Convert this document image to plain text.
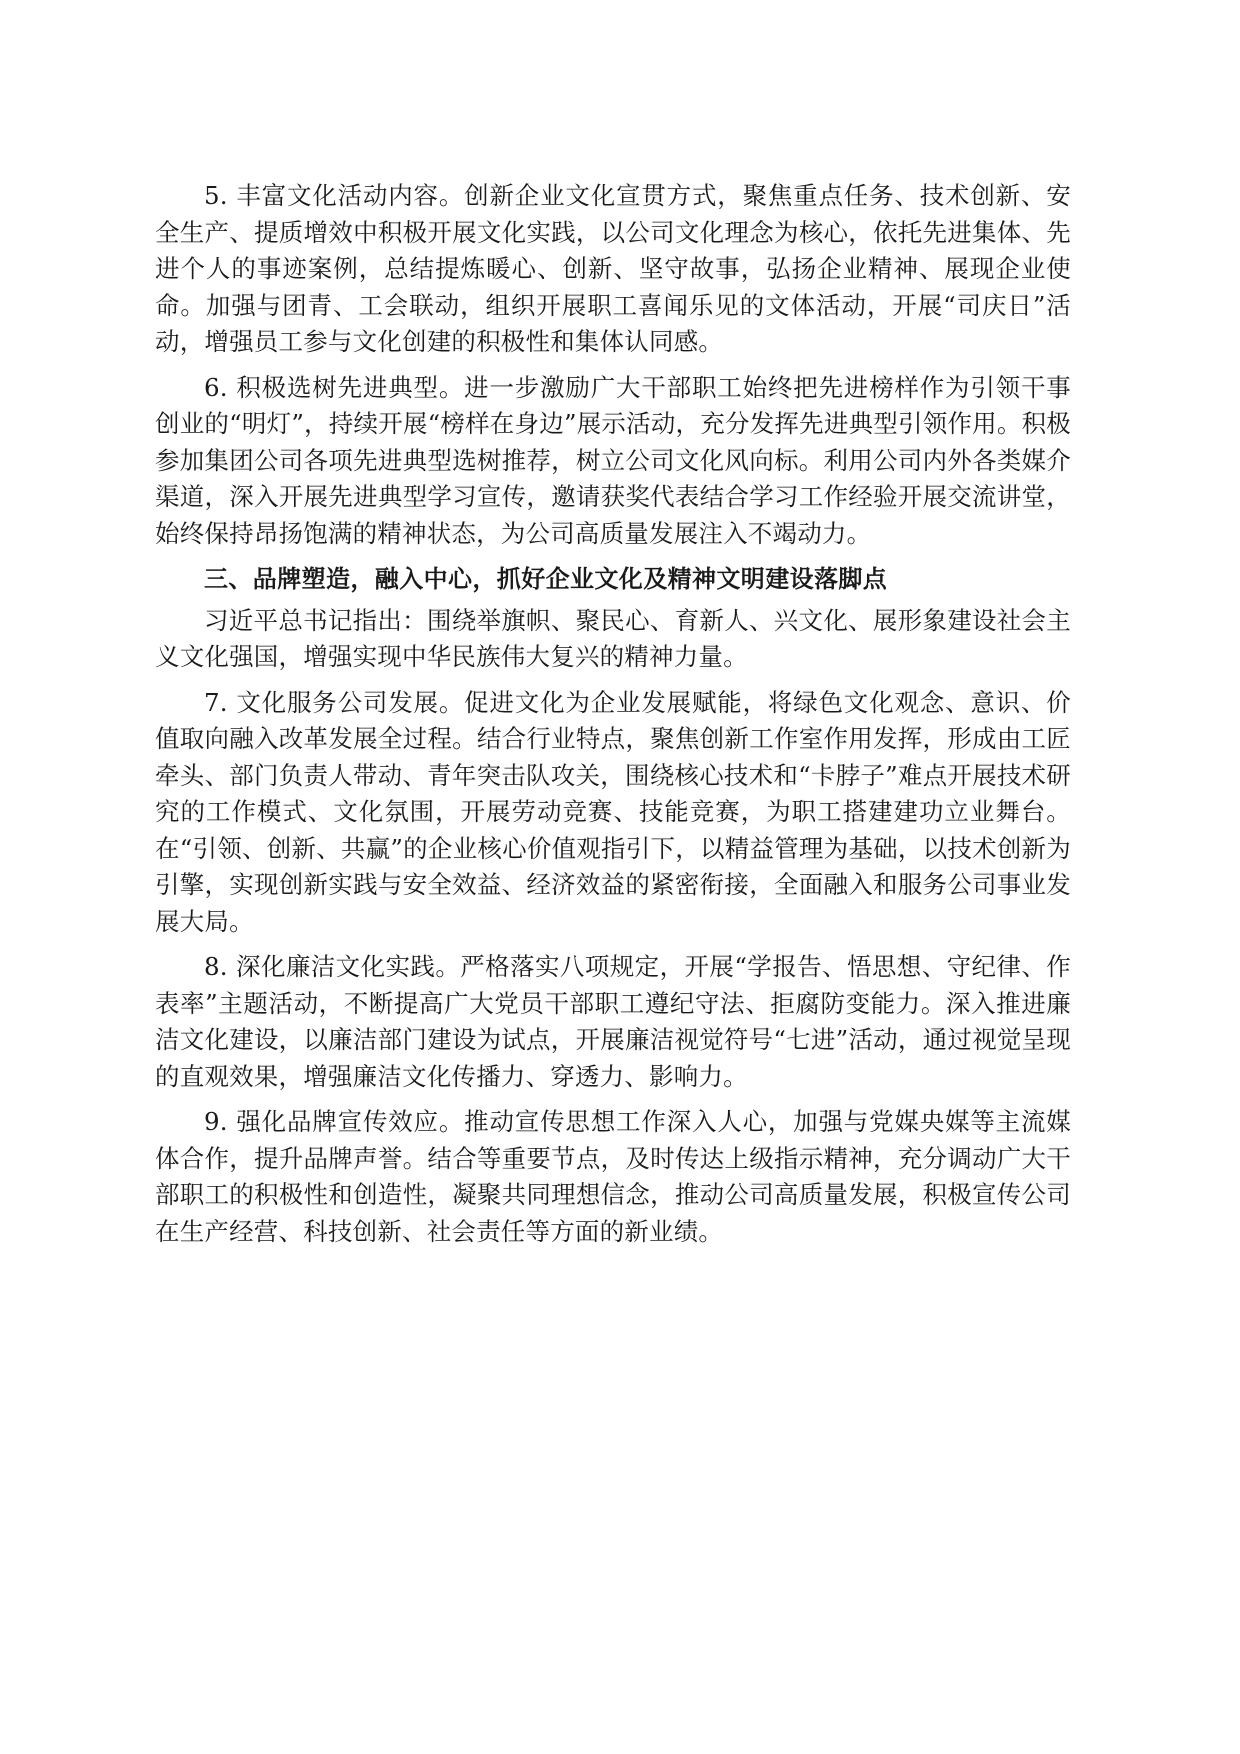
5. 丰富文化活动内容。创新企业文化宣贯方式，聚焦重点任务、技术创新、安全生产、提质增效中积极开展文化实践，以公司文化理念为核心，依托先进集体、先进个人的事迹案例，总结提炼暖心、创新、坚守故事，弘扬企业精神、展现企业使命。加强与团青、工会联动，组织开展职工喜闻乐见的文体活动，开展“司庆日”活动，增强员工参与文化创建的积极性和集体认同感。

6. 积极选树先进典型。进一步激励广大干部职工始终把先进榜样作为引领干事创业的“明灯”，持续开展“榜样在身边”展示活动，充分发挥先进典型引领作用。积极参加集团公司各项先进典型选树推荐，树立公司文化风向标。利用公司内外各类媒介渠道，深入开展先进典型学习宣传，邀请获奖代表结合学习工作经验开展交流讲堂，始终保持昂扬饱满的精神状态，为公司高质量发展注入不竭动力。

三、品牌塑造，融入中心，抓好企业文化及精神文明建设落脚点

习近平总书记指出：围绕举旗帜、聚民心、育新人、兴文化、展形象建设社会主义文化强国，增强实现中华民族伟大复兴的精神力量。

7. 文化服务公司发展。促进文化为企业发展赋能，将绿色文化观念、意识、价值取向融入改革发展全过程。结合行业特点，聚焦创新工作室作用发挥，形成由工匠牵头、部门负责人带动、青年突击队攻关，围绕核心技术和“卡脖子”难点开展技术研究的工作模式、文化氛围，开展劳动竞赛、技能竞赛，为职工搭建建功立业舞台。在“引领、创新、共赢”的企业核心价值观指引下，以精益管理为基础，以技术创新为引擎，实现创新实践与安全效益、经济效益的紧密衔接，全面融入和服务公司事业发展大局。

8. 深化廉洁文化实践。严格落实八项规定，开展“学报告、悟思想、守纪律、作表率”主题活动，不断提高广大党员干部职工遵纪守法、拒腐防变能力。深入推进廉洁文化建设，以廉洁部门建设为试点，开展廉洁视觉符号“七进”活动，通过视觉呈现的直观效果，增强廉洁文化传播力、穿透力、影响力。

9. 强化品牌宣传效应。推动宣传思想工作深入人心，加强与党媒央媒等主流媒体合作，提升品牌声誉。结合等重要节点，及时传达上级指示精神，充分调动广大干部职工的积极性和创造性，凝聚共同理想信念，推动公司高质量发展，积极宣传公司在生产经营、科技创新、社会责任等方面的新业绩。
